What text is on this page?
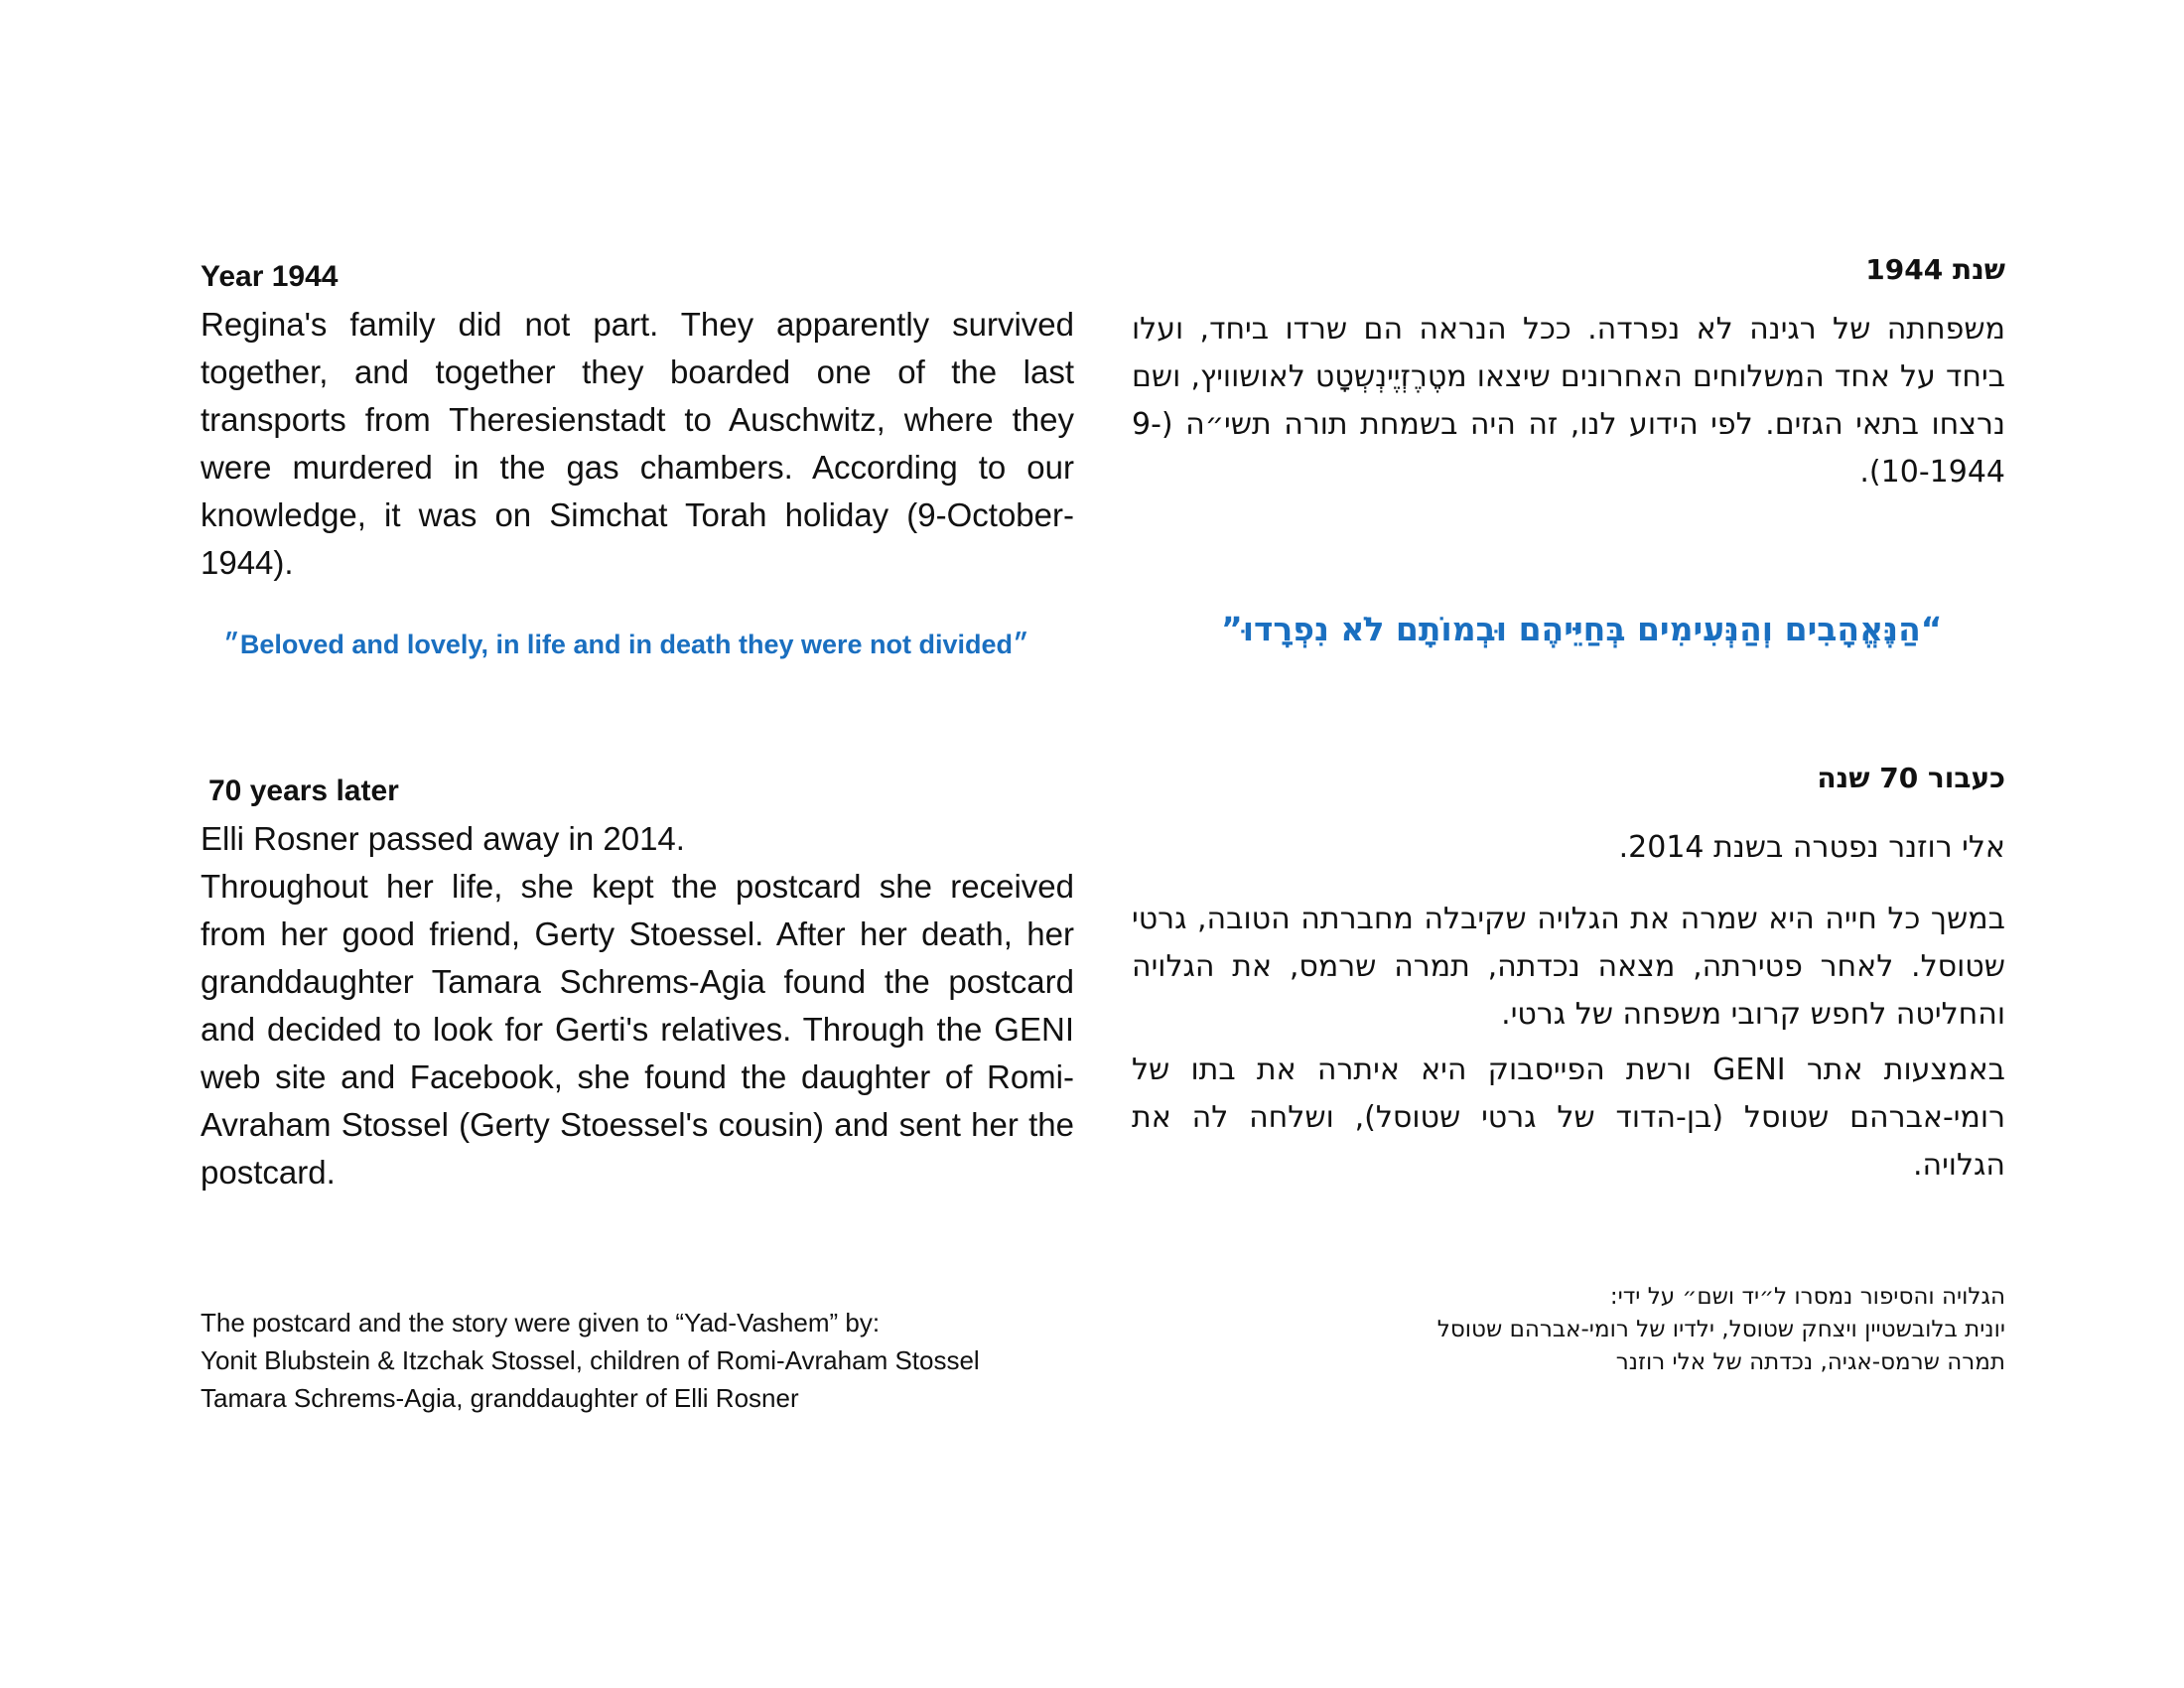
Year 1944

Regina's family did not part. They apparently survived together, and together they boarded one of the last transports from Theresienstadt to Auschwitz, where they were murdered in the gas chambers. According to our knowledge, it was on Simchat Torah holiday (9-October-1944).

שנת 1944

משפחתה של רגינה לא נפרדה. ככל הנראה הם שרדו ביחד, ועלו ביחד על אחד המשלוחים האחרונים שיצאו מטֶרֶזְיֶינְשְטָט לאושוויץ, ושם נרצחו בתאי הגזים. לפי הידוע לנו, זה היה בשמחת תורה תשי״ה (9-10-1944).

״Beloved and lovely, in life and in death they were not divided״	“הַנֶּאֱהָבִים וְהַנְּעִימִים בְּחַיֵּיהֶם וּבְמוֹתָם לֹא נִפְרָדוּ”

70 years later

Elli Rosner passed away in 2014.

Throughout her life, she kept the postcard she received from her good friend, Gerty Stoessel. After her death, her granddaughter Tamara Schrems-Agia found the postcard and decided to look for Gerti's relatives. Through the GENI web site and Facebook, she found the daughter of Romi-Avraham Stossel (Gerty Stoessel's cousin) and sent her the postcard.

כעבור 70 שנה

אלי רוזנר נפטרה בשנת 2014.

במשך כל חייה היא שמרה את הגלויה שקיבלה מחברתה הטובה, גרטי שטוסל. לאחר פטירתה, מצאה נכדתה, תמרה שרמס, את הגלויה והחליטה לחפש קרובי משפחה של גרטי.

באמצעות אתר GENI ורשת הפייסבוק היא איתרה את בתו של רומי-אברהם שטוסל (בן-הדוד של גרטי שטוסל), ושלחה לה את הגלויה.

The postcard and the story were given to “Yad-Vashem” by:
Yonit Blubstein & Itzchak Stossel, children of Romi-Avraham Stossel
Tamara Schrems-Agia, granddaughter of Elli Rosner
הגלויה והסיפור נמסרו ל״יד ושם״ על ידי:
יונית בלובשטיין ויצחק שטוסל, ילדיו של רומי-אברהם שטוסל
תמרה שרמס-אגיה, נכדתה של אלי רוזנר
